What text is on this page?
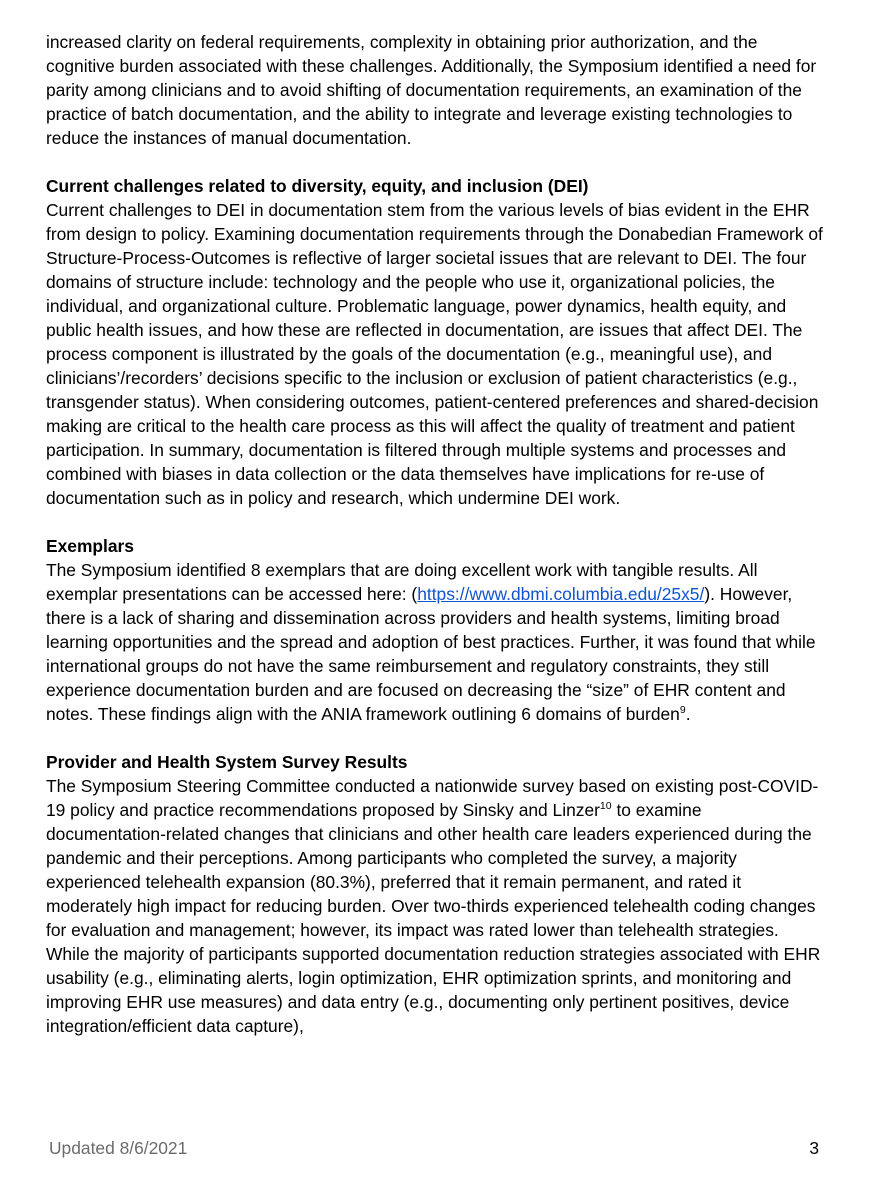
increased clarity on federal requirements, complexity in obtaining prior authorization, and the cognitive burden associated with these challenges. Additionally, the Symposium identified a need for parity among clinicians and to avoid shifting of documentation requirements, an examination of the practice of batch documentation, and the ability to integrate and leverage existing technologies to reduce the instances of manual documentation.

Current challenges related to diversity, equity, and inclusion (DEI)

Current challenges to DEI in documentation stem from the various levels of bias evident in the EHR from design to policy. Examining documentation requirements through the Donabedian Framework of Structure-Process-Outcomes is reflective of larger societal issues that are relevant to DEI. The four domains of structure include: technology and the people who use it, organizational policies, the individual, and organizational culture. Problematic language, power dynamics, health equity, and public health issues, and how these are reflected in documentation, are issues that affect DEI. The process component is illustrated by the goals of the documentation (e.g., meaningful use), and clinicians’/recorders’ decisions specific to the inclusion or exclusion of patient characteristics (e.g., transgender status). When considering outcomes, patient-centered preferences and shared-decision making are critical to the health care process as this will affect the quality of treatment and patient participation. In summary, documentation is filtered through multiple systems and processes and combined with biases in data collection or the data themselves have implications for re-use of documentation such as in policy and research, which undermine DEI work.

Exemplars

The Symposium identified 8 exemplars that are doing excellent work with tangible results. All exemplar presentations can be accessed here: (https://www.dbmi.columbia.edu/25x5/). However, there is a lack of sharing and dissemination across providers and health systems, limiting broad learning opportunities and the spread and adoption of best practices. Further, it was found that while international groups do not have the same reimbursement and regulatory constraints, they still experience documentation burden and are focused on decreasing the “size” of EHR content and notes. These findings align with the ANIA framework outlining 6 domains of burden$^9$.

Provider and Health System Survey Results

The Symposium Steering Committee conducted a nationwide survey based on existing post-COVID-19 policy and practice recommendations proposed by Sinsky and Linzer$^{10}$ to examine documentation-related changes that clinicians and other health care leaders experienced during the pandemic and their perceptions. Among participants who completed the survey, a majority experienced telehealth expansion (80.3%), preferred that it remain permanent, and rated it moderately high impact for reducing burden. Over two-thirds experienced telehealth coding changes for evaluation and management; however, its impact was rated lower than telehealth strategies. While the majority of participants supported documentation reduction strategies associated with EHR usability (e.g., eliminating alerts, login optimization, EHR optimization sprints, and monitoring and improving EHR use measures) and data entry (e.g., documenting only pertinent positives, device integration/efficient data capture),

Updated 8/6/2021	3
